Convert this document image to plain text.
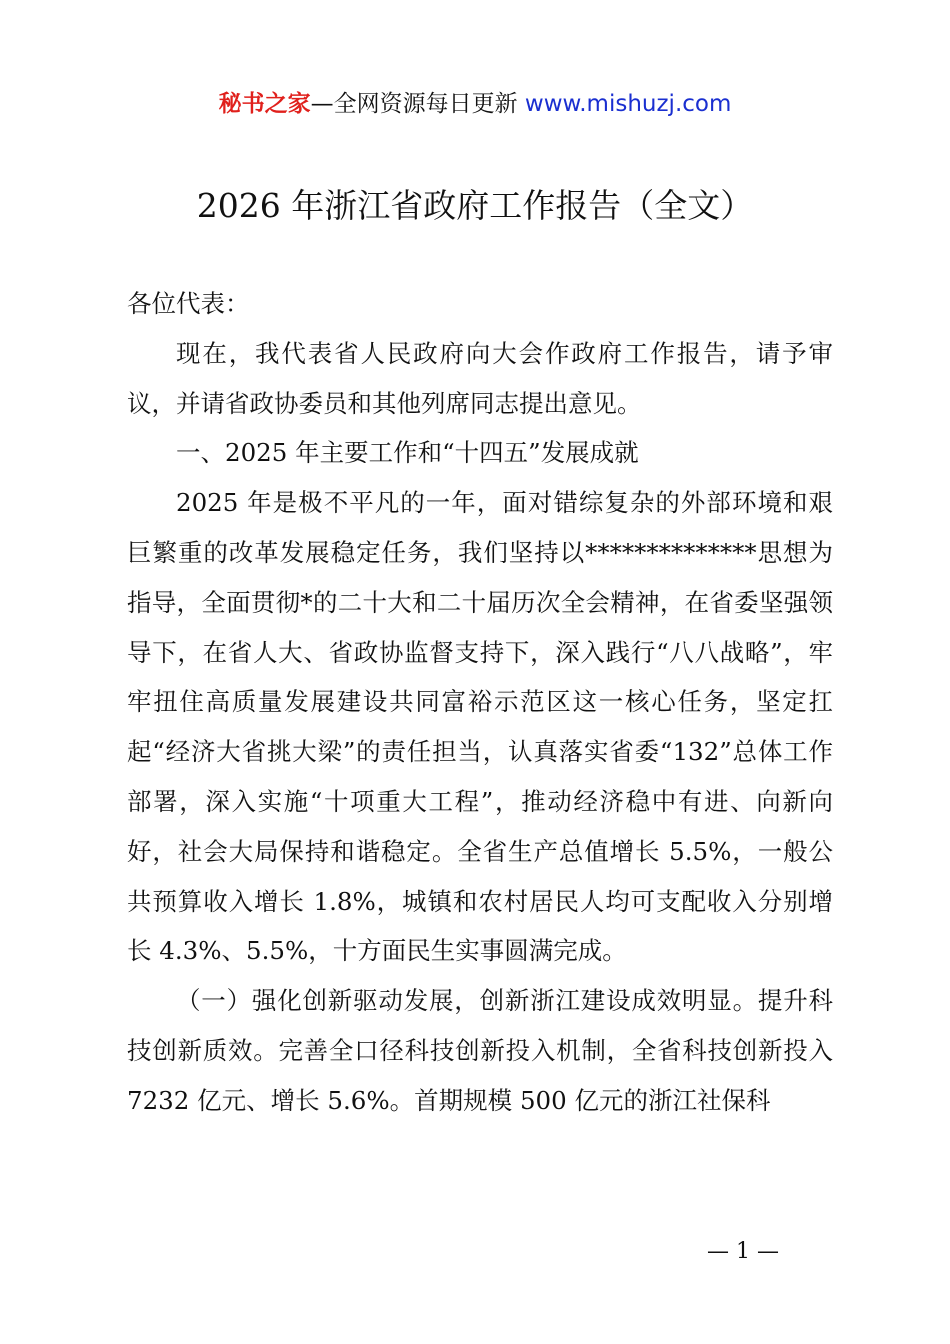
秘书之家—全网资源每日更新 www.mishuzj.com
2026 年浙江省政府工作报告（全文）

各位代表：

现在，我代表省人民政府向大会作政府工作报告，请予审议，并请省政协委员和其他列席同志提出意见。

一、2025 年主要工作和“十四五”发展成就

2025 年是极不平凡的一年，面对错综复杂的外部环境和艰巨繁重的改革发展稳定任务，我们坚持以**************思想为指导，全面贯彻*的二十大和二十届历次全会精神，在省委坚强领导下，在省人大、省政协监督支持下，深入践行“八八战略”，牢牢扭住高质量发展建设共同富裕示范区这一核心任务，坚定扛起“经济大省挑大梁”的责任担当，认真落实省委“132”总体工作部署，深入实施“十项重大工程”，推动经济稳中有进、向新向好，社会大局保持和谐稳定。全省生产总值增长 5.5%，一般公共预算收入增长 1.8%，城镇和农村居民人均可支配收入分别增长 4.3%、5.5%，十方面民生实事圆满完成。

（一）强化创新驱动发展，创新浙江建设成效明显。提升科技创新质效。完善全口径科技创新投入机制，全省科技创新投入 7232 亿元、增长 5.6%。首期规模 500 亿元的浙江社保科

— 1 —
